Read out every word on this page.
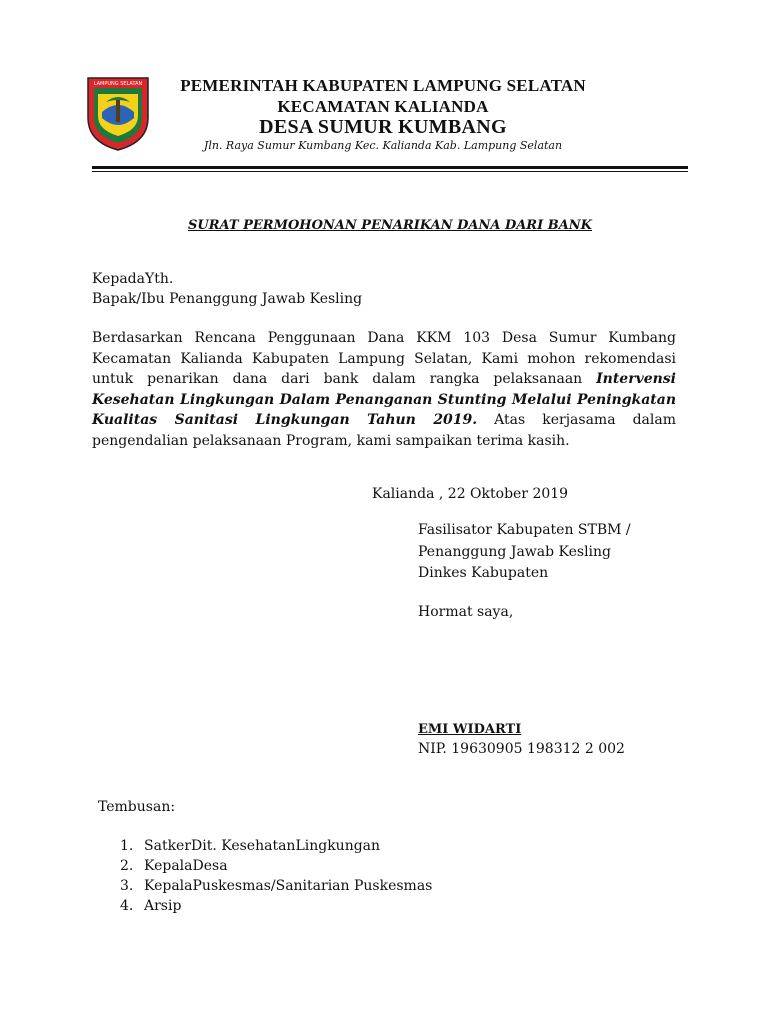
LAMPUNG SELATAN	PEMERINTAH KABUPATEN LAMPUNG SELATAN
KECAMATAN KALIANDA
DESA SUMUR KUMBANG
Jln. Raya Sumur Kumbang Kec. Kalianda Kab. Lampung Selatan
SURAT PERMOHONAN PENARIKAN DANA DARI BANK
KepadaYth.
Bapak/Ibu Penanggung Jawab Kesling
Berdasarkan Rencana Penggunaan Dana KKM 103 Desa Sumur Kumbang Kecamatan Kalianda Kabupaten Lampung Selatan, Kami mohon rekomendasi untuk penarikan dana dari bank dalam rangka pelaksanaan Intervensi Kesehatan Lingkungan Dalam Penanganan Stunting Melalui Peningkatan Kualitas Sanitasi Lingkungan Tahun 2019. Atas kerjasama dalam pengendalian pelaksanaan Program, kami sampaikan terima kasih.
Kalianda , 22 Oktober 2019
Fasilisator Kabupaten STBM /
Penanggung Jawab Kesling
Dinkes Kabupaten
Hormat saya,
EMI WIDARTI
NIP. 19630905 198312 2 002
Tembusan:
1. SatkerDit. KesehatanLingkungan
2. KepalaDesa
3. KepalaPuskesmas/Sanitarian Puskesmas
4. Arsip
